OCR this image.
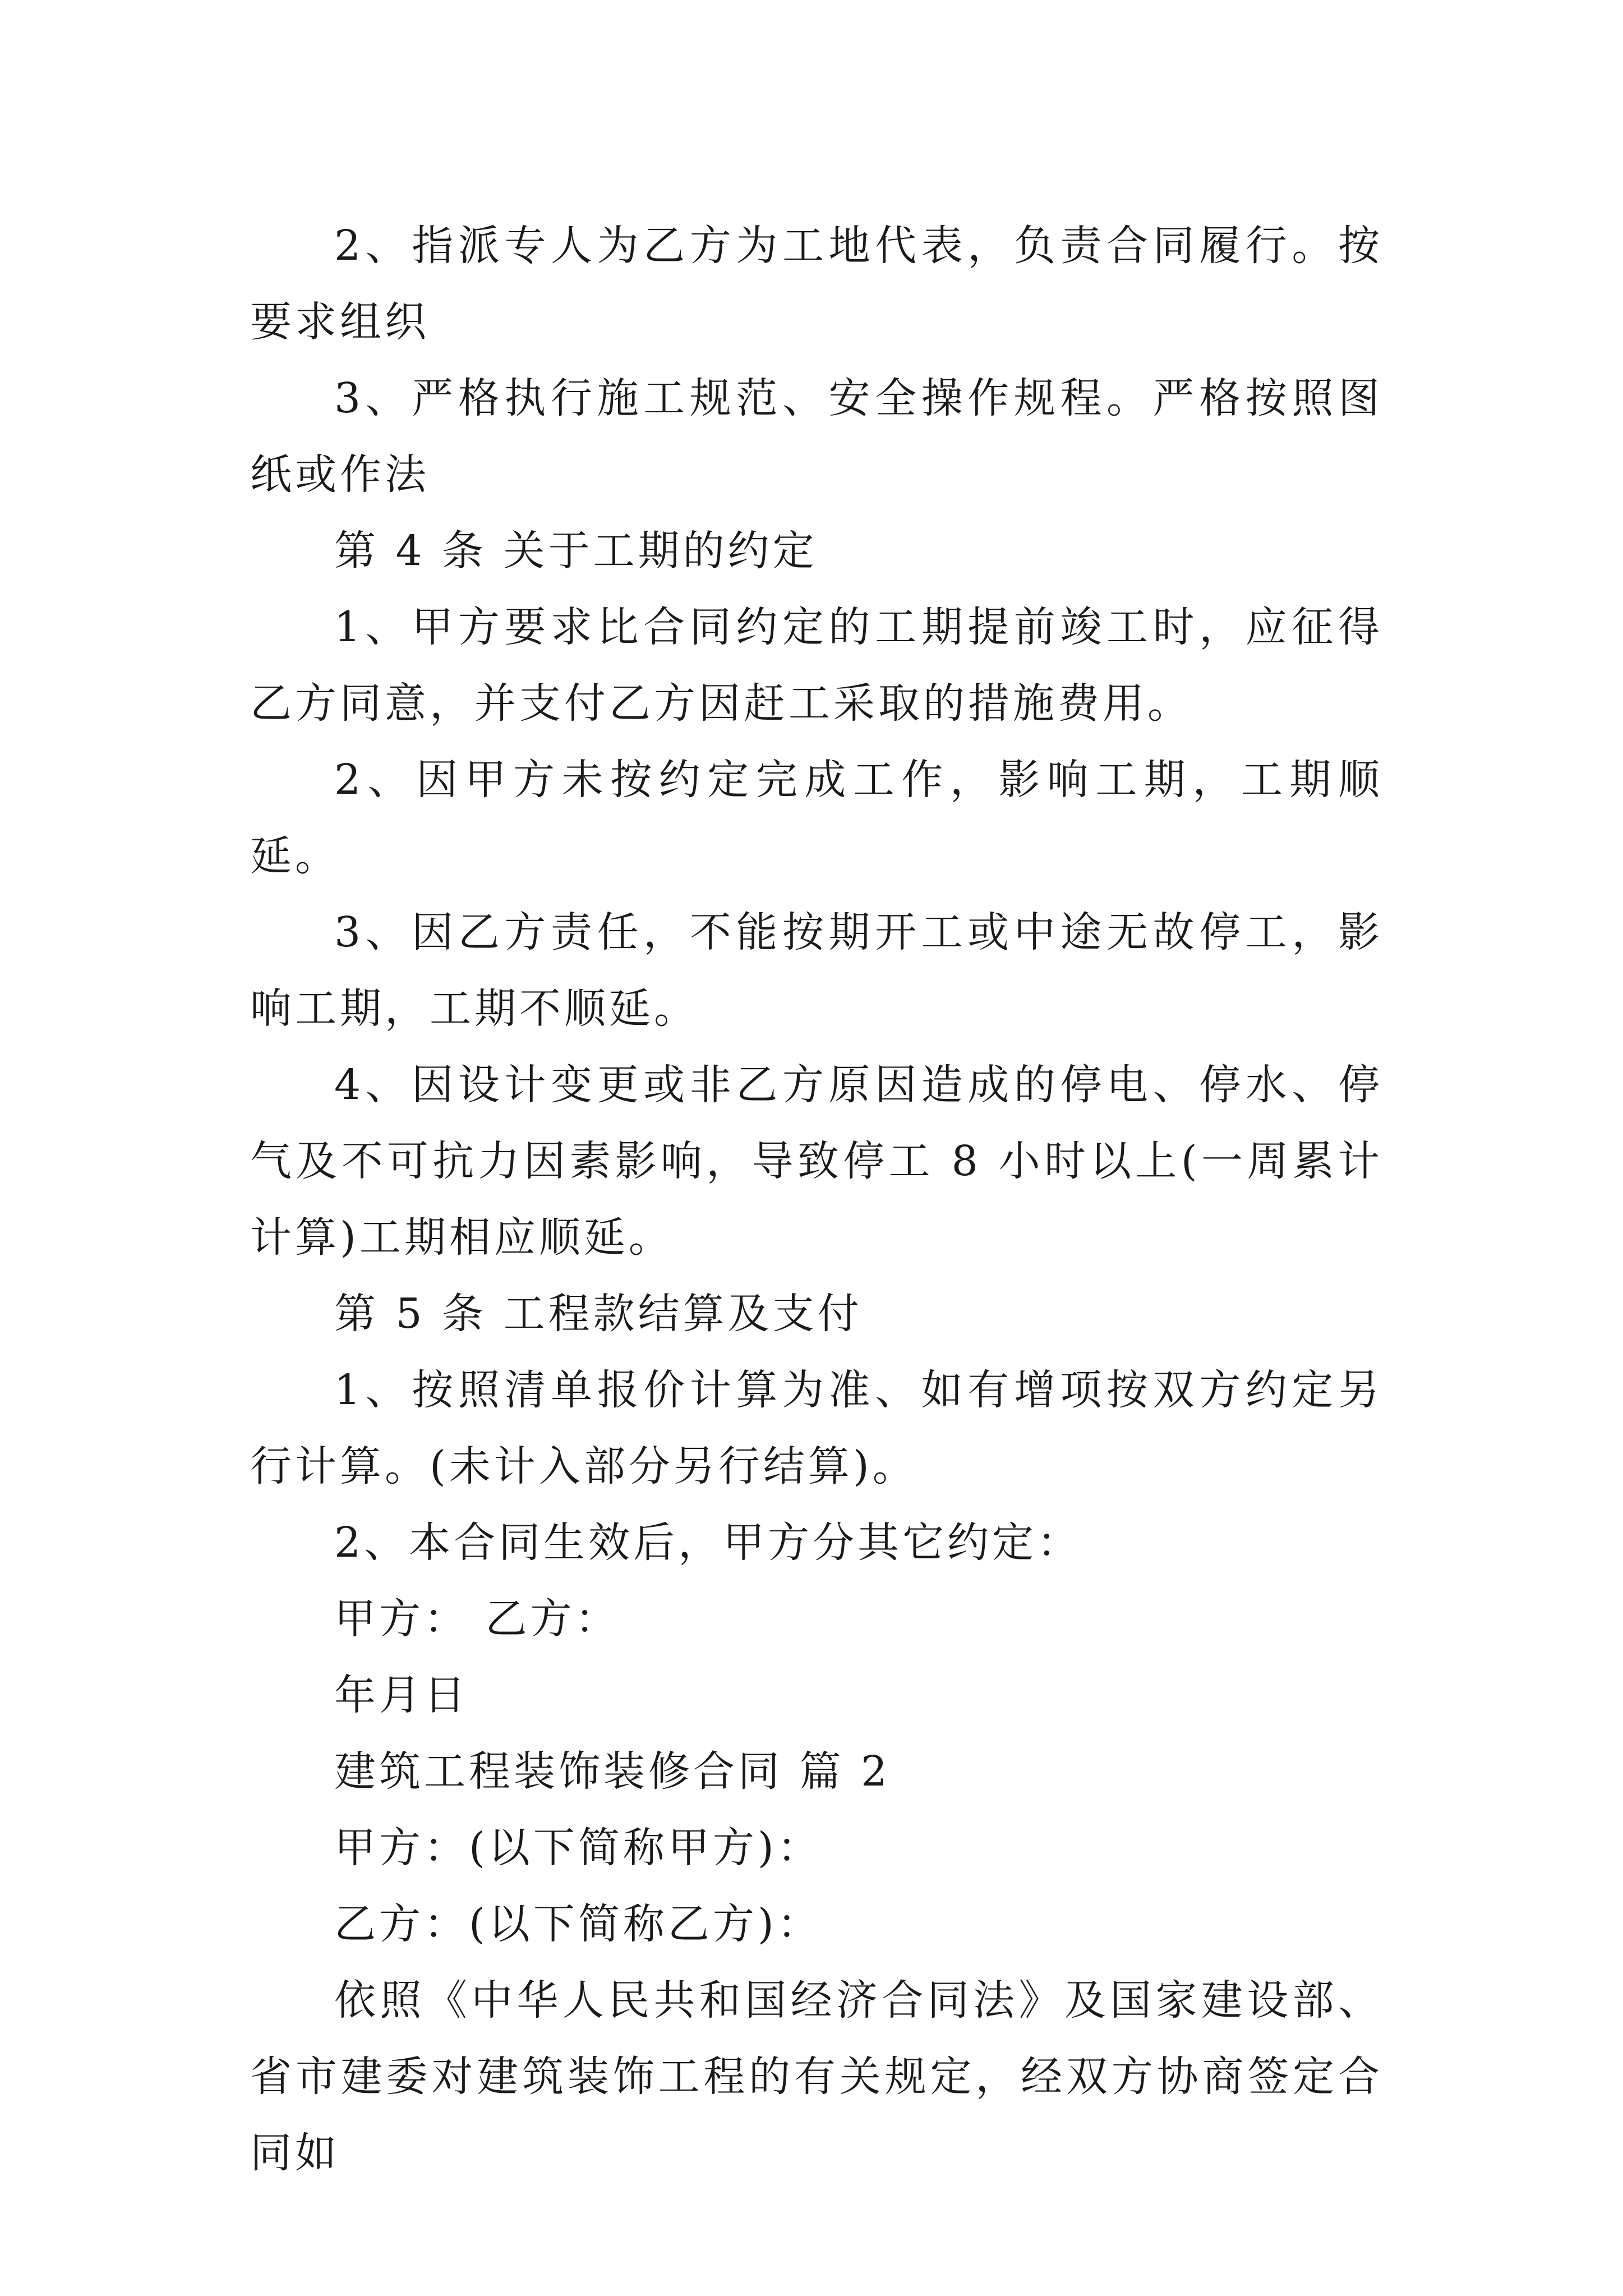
2、指派专人为乙方为工地代表，负责合同履行。按要求组织

3、严格执行施工规范、安全操作规程。严格按照图纸或作法

第 4 条 关于工期的约定

1、甲方要求比合同约定的工期提前竣工时，应征得乙方同意，并支付乙方因赶工采取的措施费用。

2、因甲方未按约定完成工作，影响工期，工期顺延。

3、因乙方责任，不能按期开工或中途无故停工，影响工期，工期不顺延。

4、因设计变更或非乙方原因造成的停电、停水、停气及不可抗力因素影响，导致停工 8 小时以上(一周累计计算)工期相应顺延。

第 5 条 工程款结算及支付

1、按照清单报价计算为准、如有增项按双方约定另行计算。(未计入部分另行结算)。

2、本合同生效后，甲方分其它约定：

甲方： 乙方：

年月日

建筑工程装饰装修合同 篇 2

甲方：(以下简称甲方)：

乙方：(以下简称乙方)：

依照《中华人民共和国经济合同法》及国家建设部、省市建委对建筑装饰工程的有关规定，经双方协商签定合同如
